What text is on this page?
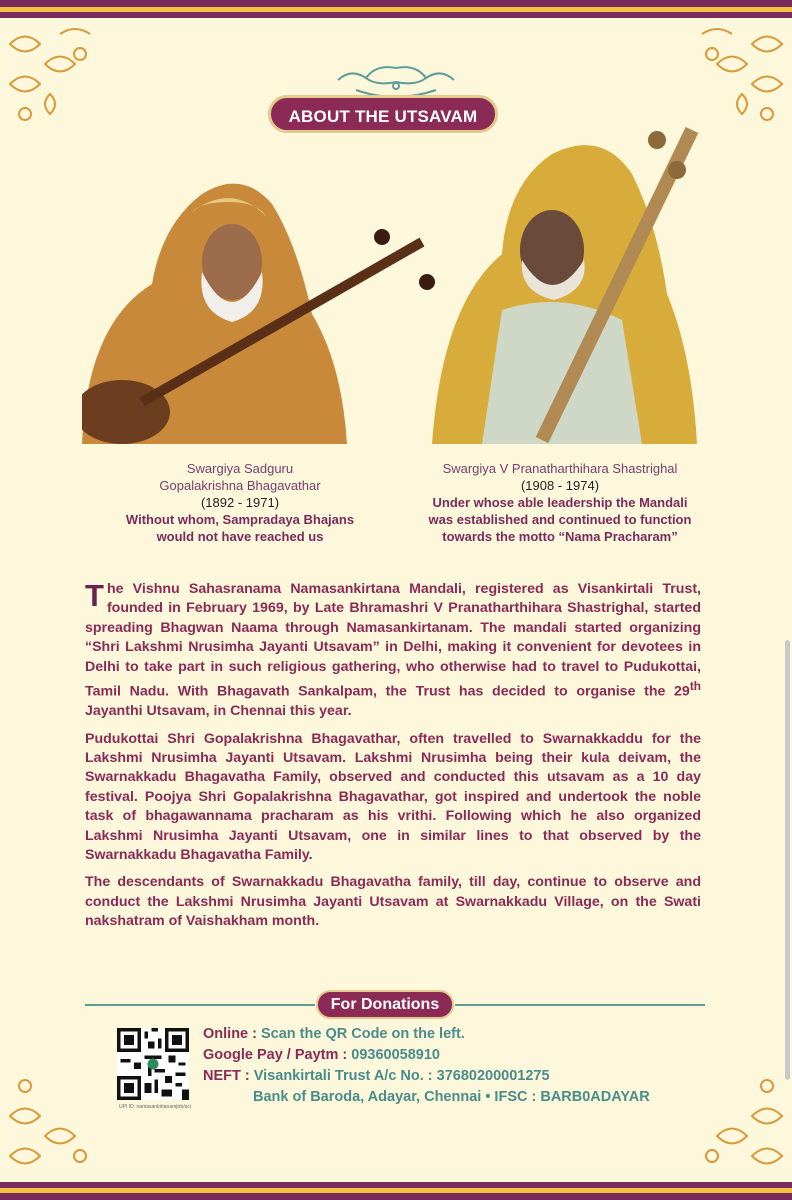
ABOUT THE UTSAVAM
Swargiya Sadguru
Gopalakrishna Bhagavathar
(1892 - 1971)
Without whom, Sampradaya Bhajans
would not have reached us
Swargiya V Pranatharthihara Shastrighal
(1908 - 1974)
Under whose able leadership the Mandali
was established and continued to function
towards the motto “Nama Pracharam”

The Vishnu Sahasranama Namasankirtana Mandali, registered as Visankirtali Trust, founded in February 1969, by Late Bhramashri V Pranatharthihara Shastrighal, started spreading Bhagwan Naama through Namasankirtanam. The mandali started organizing “Shri Lakshmi Nrusimha Jayanti Utsavam” in Delhi, making it convenient for devotees in Delhi to take part in such religious gathering, who otherwise had to travel to Pudukottai, Tamil Nadu. With Bhagavath Sankalpam, the Trust has decided to organise the 29th Jayanthi Utsavam, in Chennai this year.

Pudukottai Shri Gopalakrishna Bhagavathar, often travelled to Swarnakkaddu for the Lakshmi Nrusimha Jayanti Utsavam. Lakshmi Nrusimha being their kula deivam, the Swarnakkadu Bhagavatha Family, observed and conducted this utsavam as a 10 day festival. Poojya Shri Gopalakrishna Bhagavathar, got inspired and undertook the noble task of bhagawannama pracharam as his vrithi. Following which he also organized Lakshmi Nrusimha Jayanti Utsavam, one in similar lines to that observed by the Swarnakkadu Bhagavatha Family.

The descendants of Swarnakkadu Bhagavatha family, till day, continue to observe and conduct the Lakshmi Nrusimha Jayanti Utsavam at Swarnakkadu Village, on the Swati nakshatram of Vaishakham month.

For Donations
UPI ID: namasankirtanamjtrb/oci
Online : Scan the QR Code on the left.
Google Pay / Paytm : 09360058910
NEFT : Visankirtali Trust A/c No. : 37680200001275
Bank of Baroda, Adayar, Chennai • IFSC : BARB0ADAYAR
